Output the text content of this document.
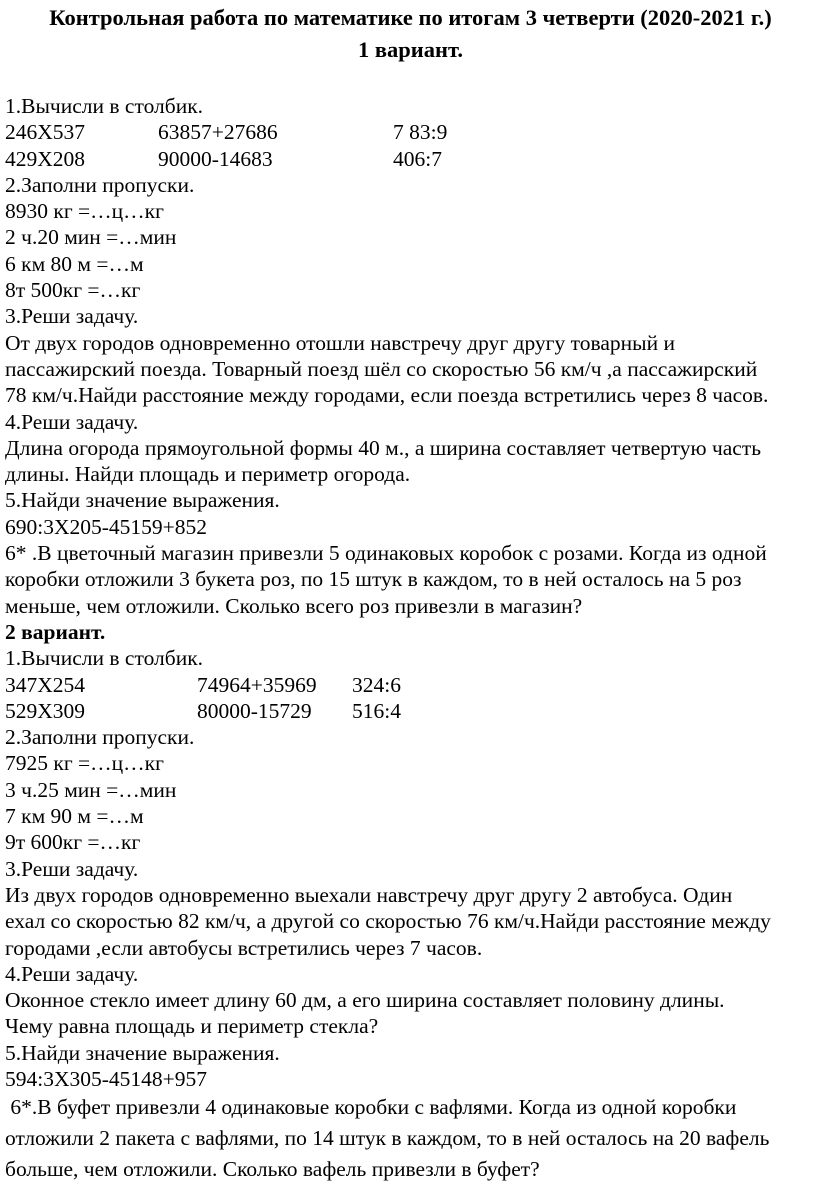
Контрольная работа по математике по итогам 3 четверти (2020-2021 г.)

1 вариант.

1.Вычисли в столбик.

246Х537	63857+27686	7 83:9
429Х208	90000-14683	406:7

2.Заполни пропуски.

8930 кг =…ц…кг

2 ч.20 мин =…мин

6 км 80 м =…м

8т 500кг =…кг

3.Реши задачу.

От двух городов одновременно отошли навстречу друг другу товарный и

пассажирский поезда. Товарный поезд шёл со скоростью 56 км/ч ,а пассажирский

78 км/ч.Найди расстояние между городами, если поезда встретились через 8 часов.

4.Реши задачу.

Длина огорода прямоугольной формы 40 м., а ширина составляет четвертую часть

длины. Найди площадь и периметр огорода.

5.Найди значение выражения.

690:3Х205-45159+852

6* .В цветочный магазин привезли 5 одинаковых коробок с розами. Когда из одной

коробки отложили 3 букета роз, по 15 штук в каждом, то в ней осталось на 5 роз

меньше, чем отложили. Сколько всего роз привезли в магазин?

2 вариант.

1.Вычисли в столбик.

347Х254	74964+35969	324:6
529Х309	80000-15729	516:4

2.Заполни пропуски.

7925 кг =…ц…кг

3 ч.25 мин =…мин

7 км 90 м =…м

9т 600кг =…кг

3.Реши задачу.

Из двух городов одновременно выехали навстречу друг другу 2 автобуса. Один

ехал со скоростью 82 км/ч, а другой со скоростью 76 км/ч.Найди расстояние между

городами ,если автобусы встретились через 7 часов.

4.Реши задачу.

Оконное стекло имеет длину 60 дм, а его ширина составляет половину длины.

Чему равна площадь и периметр стекла?

5.Найди значение выражения.

594:3Х305-45148+957

6*.В буфет привезли 4 одинаковые коробки с вафлями. Когда из одной коробки

отложили 2 пакета с вафлями, по 14 штук в каждом, то в ней осталось на 20 вафель

больше, чем отложили. Сколько вафель привезли в буфет?
